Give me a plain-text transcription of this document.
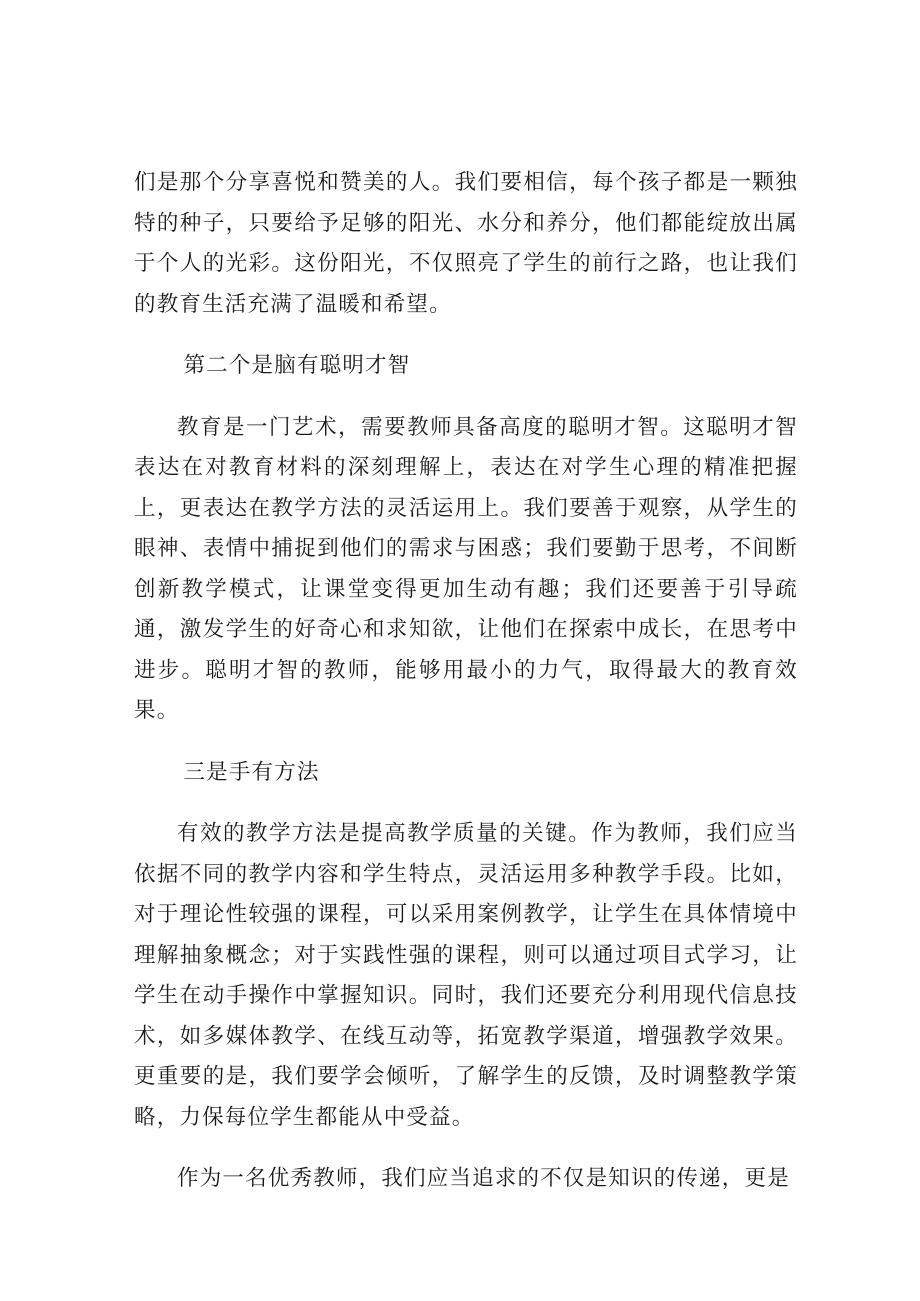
们是那个分享喜悦和赞美的人。我们要相信，每个孩子都是一颗独特的种子，只要给予足够的阳光、水分和养分，他们都能绽放出属于个人的光彩。这份阳光，不仅照亮了学生的前行之路，也让我们的教育生活充满了温暖和希望。

第二个是脑有聪明才智

教育是一门艺术，需要教师具备高度的聪明才智。这聪明才智表达在对教育材料的深刻理解上，表达在对学生心理的精准把握上，更表达在教学方法的灵活运用上。我们要善于观察，从学生的眼神、表情中捕捉到他们的需求与困惑；我们要勤于思考，不间断创新教学模式，让课堂变得更加生动有趣；我们还要善于引导疏通，激发学生的好奇心和求知欲，让他们在探索中成长，在思考中进步。聪明才智的教师，能够用最小的力气，取得最大的教育效果。

三是手有方法

有效的教学方法是提高教学质量的关键。作为教师，我们应当依据不同的教学内容和学生特点，灵活运用多种教学手段。比如，对于理论性较强的课程，可以采用案例教学，让学生在具体情境中理解抽象概念；对于实践性强的课程，则可以通过项目式学习，让学生在动手操作中掌握知识。同时，我们还要充分利用现代信息技术，如多媒体教学、在线互动等，拓宽教学渠道，增强教学效果。更重要的是，我们要学会倾听，了解学生的反馈，及时调整教学策略，力保每位学生都能从中受益。

作为一名优秀教师，我们应当追求的不仅是知识的传递，更是
